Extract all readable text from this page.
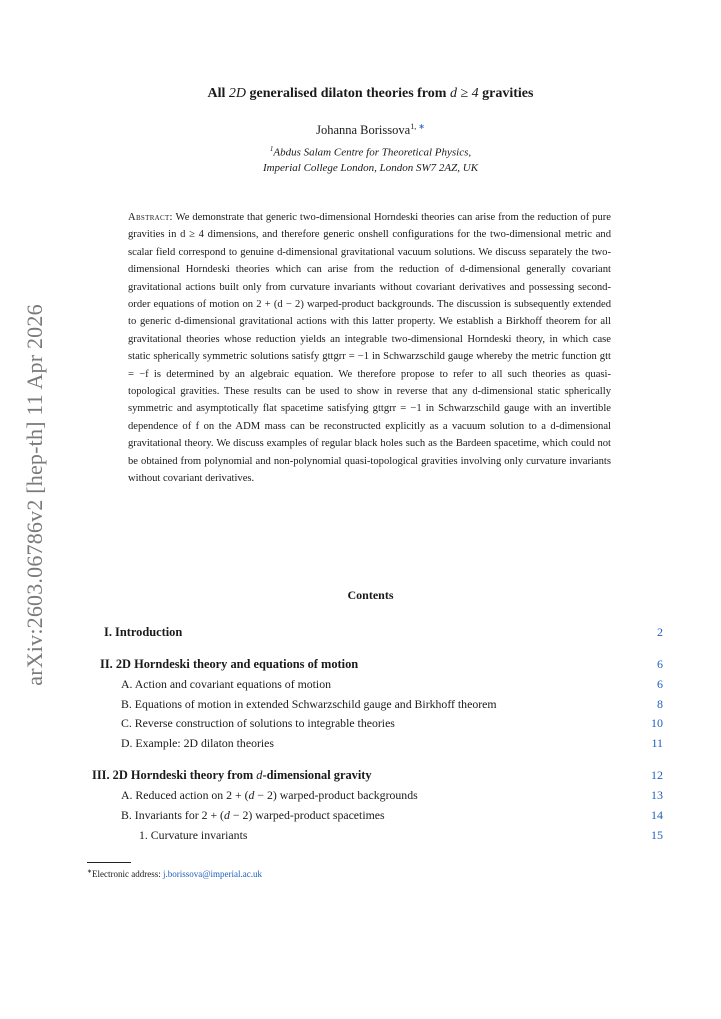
arXiv:2603.06786v2 [hep-th] 11 Apr 2026
All 2D generalised dilaton theories from d ≥ 4 gravities
Johanna Borissova$^{1, ∗}$
$^1$Abdus Salam Centre for Theoretical Physics,
Imperial College London, London SW7 2AZ, UK
Abstract: We demonstrate that generic two-dimensional Horndeski theories can arise from the reduction of pure gravities in d ≥ 4 dimensions, and therefore generic onshell configurations for the two-dimensional metric and scalar field correspond to genuine d-dimensional gravitational vacuum solutions. We discuss separately the two-dimensional Horndeski theories which can arise from the reduction of d-dimensional generally covariant gravitational actions built only from curvature invariants without covariant derivatives and possessing second-order equations of motion on 2 + (d − 2) warped-product backgrounds. The discussion is subsequently extended to generic d-dimensional gravitational actions with this latter property. We establish a Birkhoff theorem for all gravitational theories whose reduction yields an integrable two-dimensional Horndeski theory, in which case static spherically symmetric solutions satisfy gttgrr = −1 in Schwarzschild gauge whereby the metric function gtt = −f is determined by an algebraic equation. We therefore propose to refer to all such theories as quasi-topological gravities. These results can be used to show in reverse that any d-dimensional static spherically symmetric and asymptotically flat spacetime satisfying gttgrr = −1 in Schwarzschild gauge with an invertible dependence of f on the ADM mass can be reconstructed explicitly as a vacuum solution to a d-dimensional gravitational theory. We discuss examples of regular black holes such as the Bardeen spacetime, which could not be obtained from polynomial and non-polynomial quasi-topological gravities involving only curvature invariants without covariant derivatives.
Contents
I. Introduction	2
II. 2D Horndeski theory and equations of motion	6
A. Action and covariant equations of motion	6
B. Equations of motion in extended Schwarzschild gauge and Birkhoff theorem	8
C. Reverse construction of solutions to integrable theories	10
D. Example: 2D dilaton theories	11
III. 2D Horndeski theory from d-dimensional gravity	12
A. Reduced action on 2 + (d − 2) warped-product backgrounds	13
B. Invariants for 2 + (d − 2) warped-product spacetimes	14
1. Curvature invariants	15
∗Electronic address: j.borissova@imperial.ac.uk
